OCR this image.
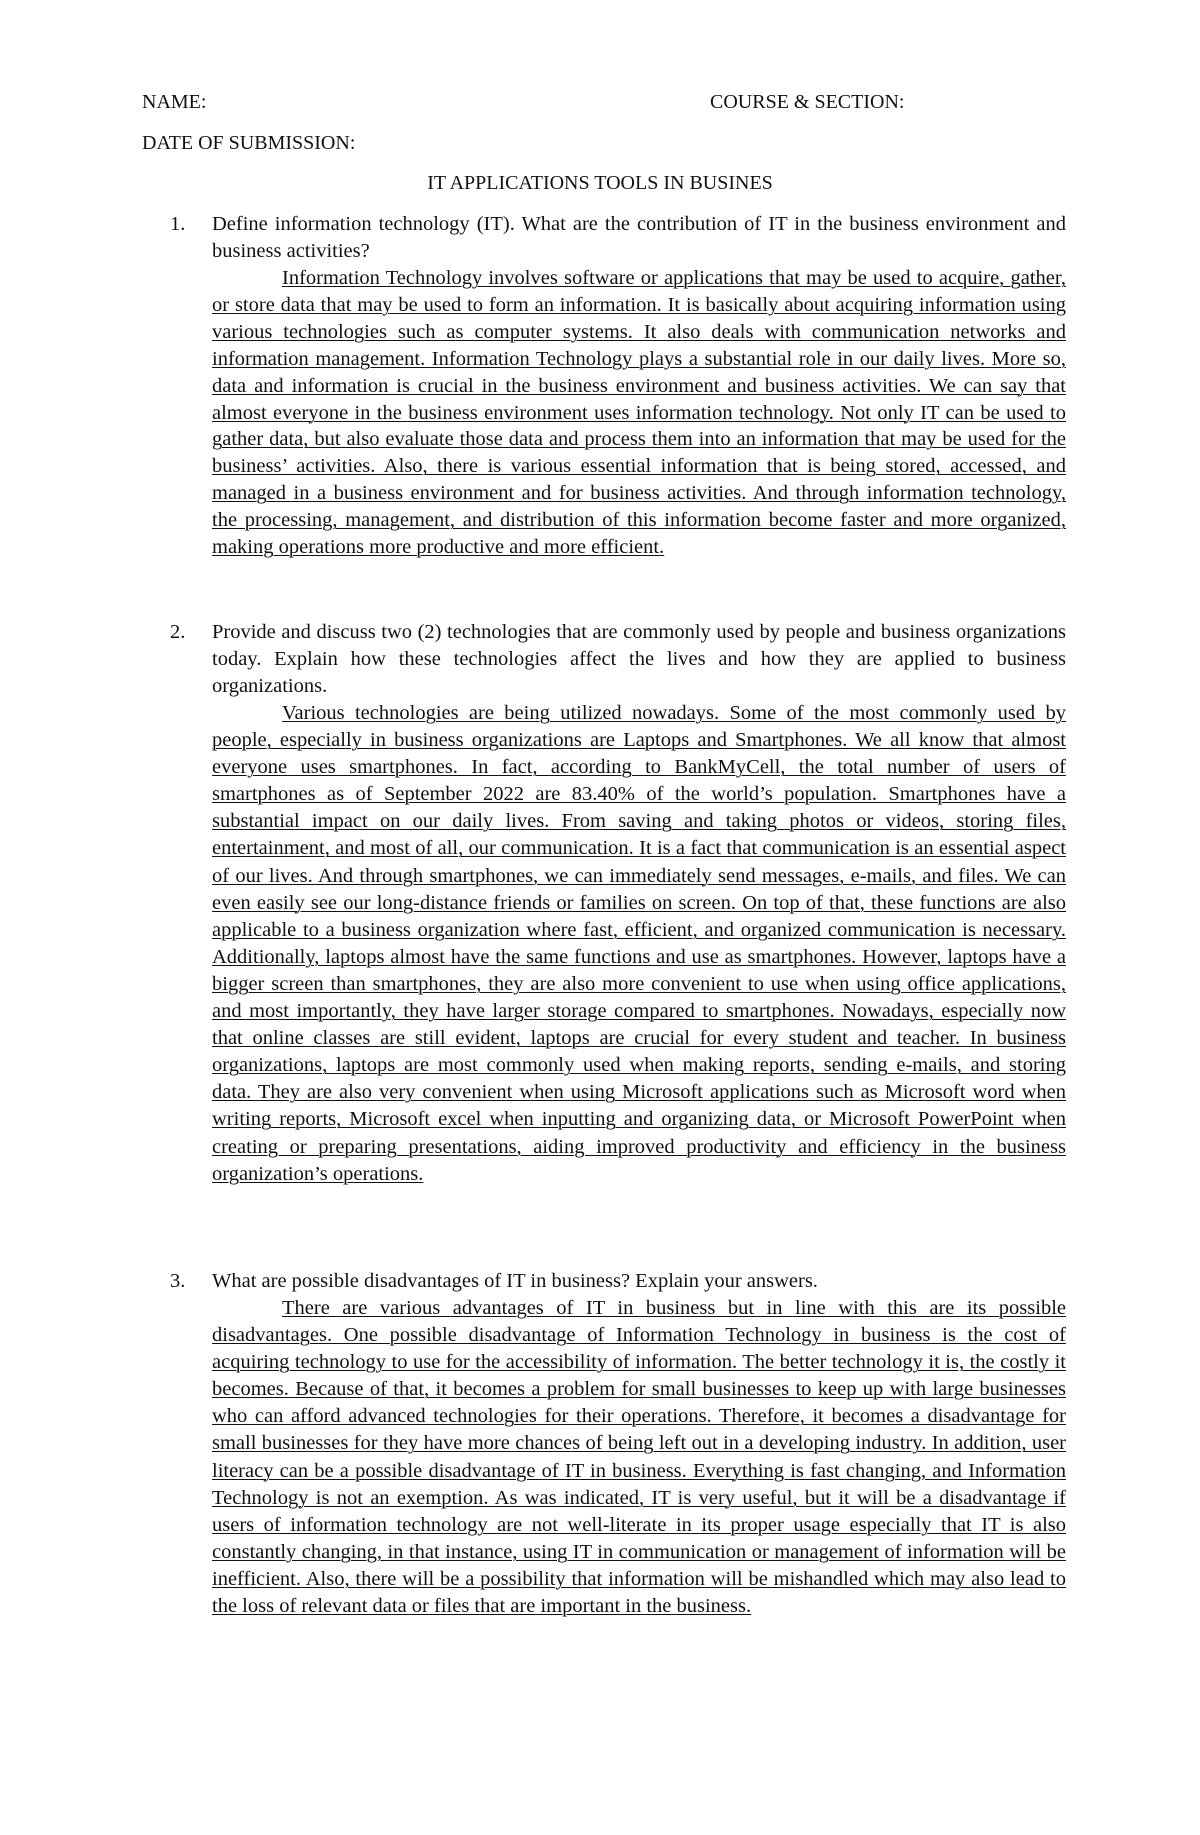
NAME:	COURSE & SECTION:
DATE OF SUBMISSION:
IT APPLICATIONS TOOLS IN BUSINES
1.	Define information technology (IT). What are the contribution of IT in the business environment and business activities?

Information Technology involves software or applications that may be used to acquire, gather, or store data that may be used to form an information. It is basically about acquiring information using various technologies such as computer systems. It also deals with communication networks and information management. Information Technology plays a substantial role in our daily lives. More so, data and information is crucial in the business environment and business activities. We can say that almost everyone in the business environment uses information technology. Not only IT can be used to gather data, but also evaluate those data and process them into an information that may be used for the business’ activities. Also, there is various essential information that is being stored, accessed, and managed in a business environment and for business activities. And through information technology, the processing, management, and distribution of this information become faster and more organized, making operations more productive and more efficient.

2.	Provide and discuss two (2) technologies that are commonly used by people and business organizations today. Explain how these technologies affect the lives and how they are applied to business organizations.

Various technologies are being utilized nowadays. Some of the most commonly used by people, especially in business organizations are Laptops and Smartphones. We all know that almost everyone uses smartphones. In fact, according to BankMyCell, the total number of users of smartphones as of September 2022 are 83.40% of the world’s population. Smartphones have a substantial impact on our daily lives. From saving and taking photos or videos, storing files, entertainment, and most of all, our communication. It is a fact that communication is an essential aspect of our lives. And through smartphones, we can immediately send messages, e-mails, and files. We can even easily see our long-distance friends or families on screen. On top of that, these functions are also applicable to a business organization where fast, efficient, and organized communication is necessary. Additionally, laptops almost have the same functions and use as smartphones. However, laptops have a bigger screen than smartphones, they are also more convenient to use when using office applications, and most importantly, they have larger storage compared to smartphones. Nowadays, especially now that online classes are still evident, laptops are crucial for every student and teacher. In business organizations, laptops are most commonly used when making reports, sending e-mails, and storing data. They are also very convenient when using Microsoft applications such as Microsoft word when writing reports, Microsoft excel when inputting and organizing data, or Microsoft PowerPoint when creating or preparing presentations, aiding improved productivity and efficiency in the business organization’s operations.

3.	What are possible disadvantages of IT in business? Explain your answers.

There are various advantages of IT in business but in line with this are its possible disadvantages. One possible disadvantage of Information Technology in business is the cost of acquiring technology to use for the accessibility of information. The better technology it is, the costly it becomes. Because of that, it becomes a problem for small businesses to keep up with large businesses who can afford advanced technologies for their operations. Therefore, it becomes a disadvantage for small businesses for they have more chances of being left out in a developing industry. In addition, user literacy can be a possible disadvantage of IT in business. Everything is fast changing, and Information Technology is not an exemption. As was indicated, IT is very useful, but it will be a disadvantage if users of information technology are not well-literate in its proper usage especially that IT is also constantly changing, in that instance, using IT in communication or management of information will be inefficient. Also, there will be a possibility that information will be mishandled which may also lead to the loss of relevant data or files that are important in the business.
